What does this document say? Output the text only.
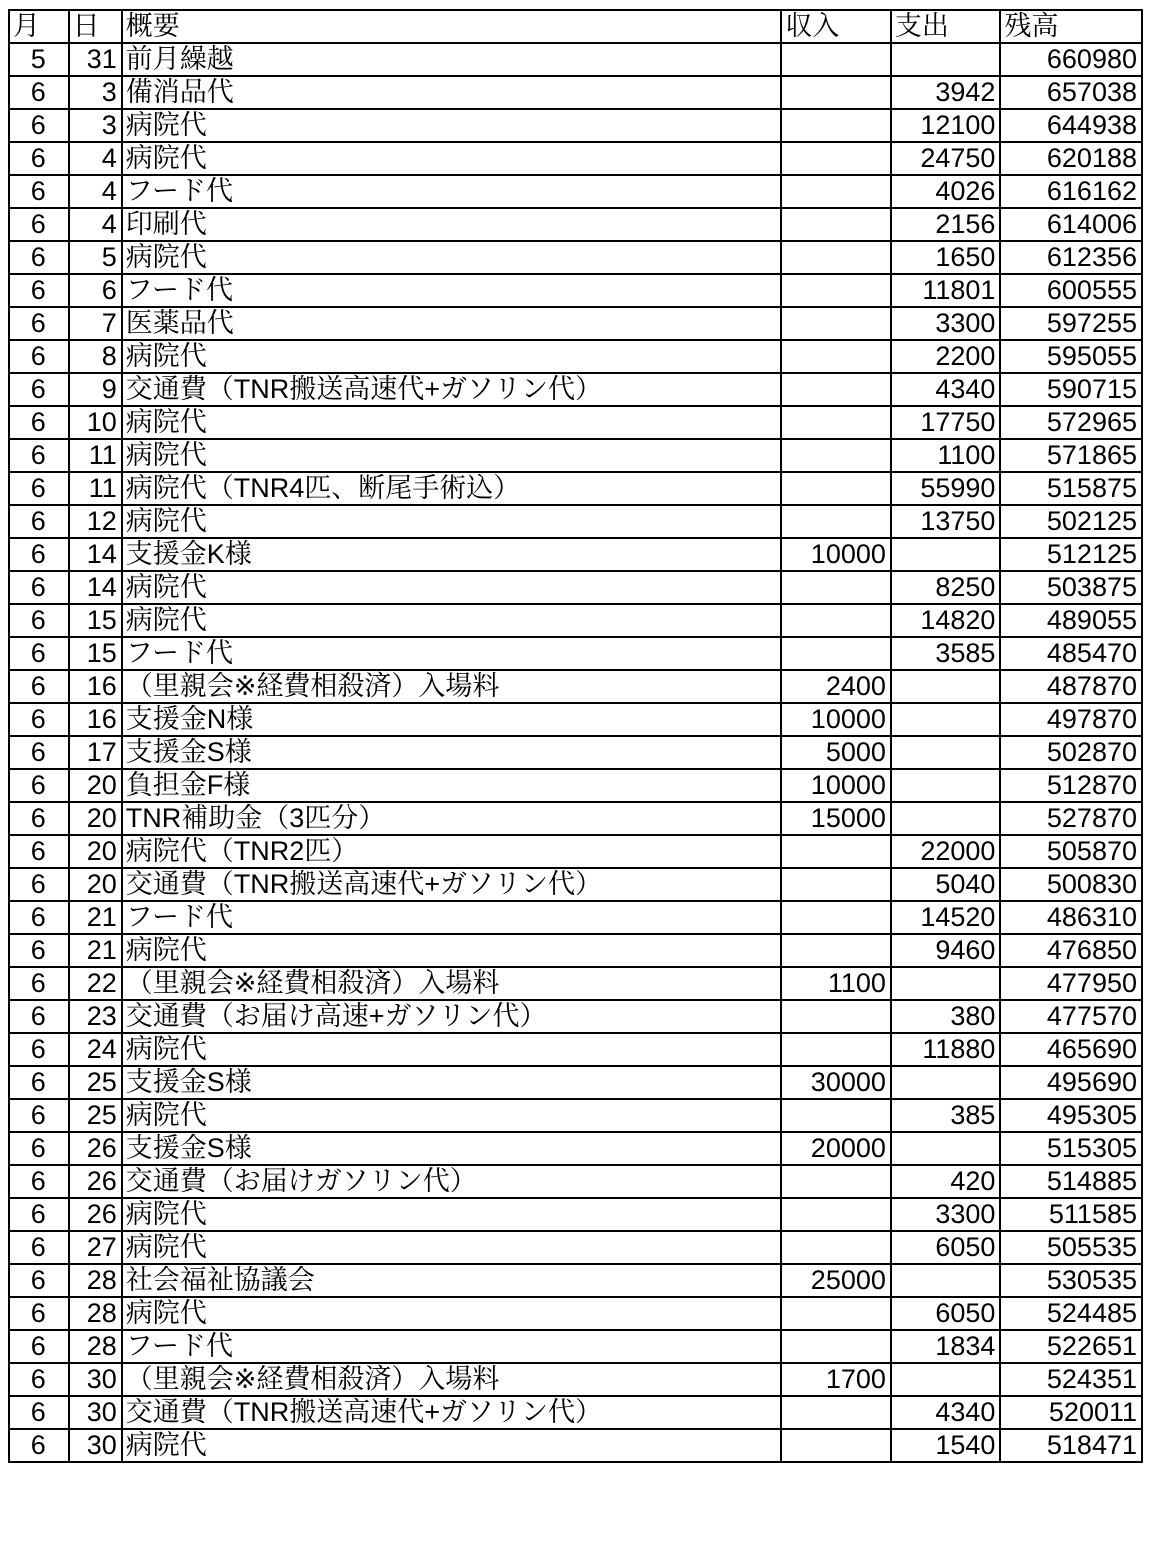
月	日	概要	収入	支出	残高
5	31	前月繰越			660980
6	3	備消品代		3942	657038
6	3	病院代		12100	644938
6	4	病院代		24750	620188
6	4	フード代		4026	616162
6	4	印刷代		2156	614006
6	5	病院代		1650	612356
6	6	フード代		11801	600555
6	7	医薬品代		3300	597255
6	8	病院代		2200	595055
6	9	交通費（TNR搬送高速代+ガソリン代）		4340	590715
6	10	病院代		17750	572965
6	11	病院代		1100	571865
6	11	病院代（TNR4匹、断尾手術込）		55990	515875
6	12	病院代		13750	502125
6	14	支援金K様	10000		512125
6	14	病院代		8250	503875
6	15	病院代		14820	489055
6	15	フード代		3585	485470
6	16	（里親会※経費相殺済）入場料	2400		487870
6	16	支援金N様	10000		497870
6	17	支援金S様	5000		502870
6	20	負担金F様	10000		512870
6	20	TNR補助金（3匹分）	15000		527870
6	20	病院代（TNR2匹）		22000	505870
6	20	交通費（TNR搬送高速代+ガソリン代）		5040	500830
6	21	フード代		14520	486310
6	21	病院代		9460	476850
6	22	（里親会※経費相殺済）入場料	1100		477950
6	23	交通費（お届け高速+ガソリン代）		380	477570
6	24	病院代		11880	465690
6	25	支援金S様	30000		495690
6	25	病院代		385	495305
6	26	支援金S様	20000		515305
6	26	交通費（お届けガソリン代）		420	514885
6	26	病院代		3300	511585
6	27	病院代		6050	505535
6	28	社会福祉協議会	25000		530535
6	28	病院代		6050	524485
6	28	フード代		1834	522651
6	30	（里親会※経費相殺済）入場料	1700		524351
6	30	交通費（TNR搬送高速代+ガソリン代）		4340	520011
6	30	病院代		1540	518471
